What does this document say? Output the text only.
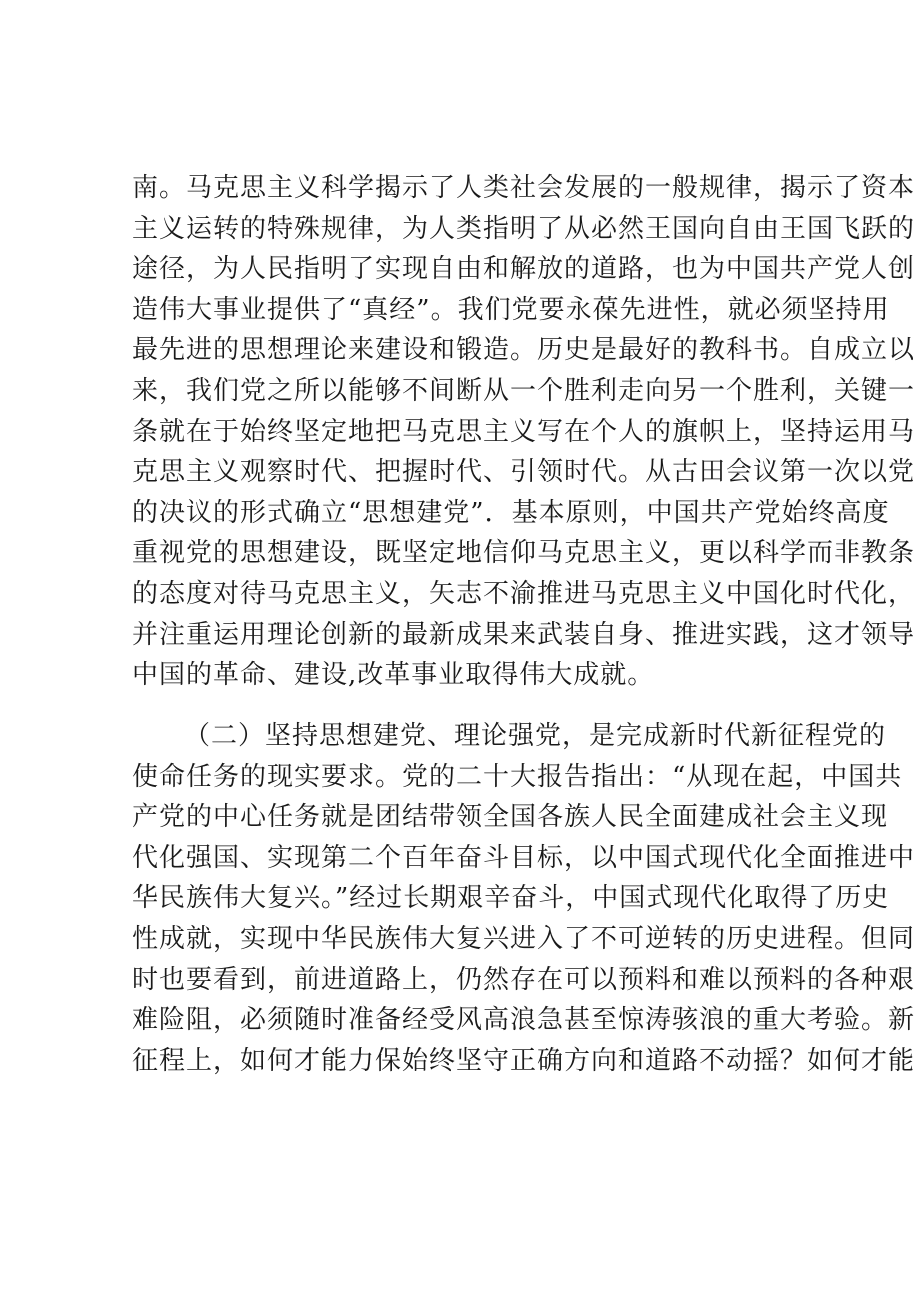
南。马克思主义科学揭示了人类社会发展的一般规律，揭示了资本
主义运转的特殊规律，为人类指明了从必然王国向自由王国飞跃的
途径，为人民指明了实现自由和解放的道路，也为中国共产党人创
造伟大事业提供了“真经”。我们党要永葆先进性，就必须坚持用
最先进的思想理论来建设和锻造。历史是最好的教科书。自成立以
来，我们党之所以能够不间断从一个胜利走向另一个胜利，关键一
条就在于始终坚定地把马克思主义写在个人的旗帜上，坚持运用马
克思主义观察时代、把握时代、引领时代。从古田会议第一次以党
的决议的形式确立“思想建党”．基本原则，中国共产党始终高度
重视党的思想建设，既坚定地信仰马克思主义，更以科学而非教条
的态度对待马克思主义，矢志不渝推进马克思主义中国化时代化，
并注重运用理论创新的最新成果来武装自身、推进实践，这才领导
中国的革命、建设,改革事业取得伟大成就。
（二）坚持思想建党、理论强党，是完成新时代新征程党的
使命任务的现实要求。党的二十大报告指出：“从现在起，中国共
产党的中心任务就是团结带领全国各族人民全面建成社会主义现
代化强国、实现第二个百年奋斗目标，以中国式现代化全面推进中
华民族伟大复兴。”经过长期艰辛奋斗，中国式现代化取得了历史
性成就，实现中华民族伟大复兴进入了不可逆转的历史进程。但同
时也要看到，前进道路上，仍然存在可以预料和难以预料的各种艰
难险阻，必须随时准备经受风高浪急甚至惊涛骇浪的重大考验。新
征程上，如何才能力保始终坚守正确方向和道路不动摇？如何才能
